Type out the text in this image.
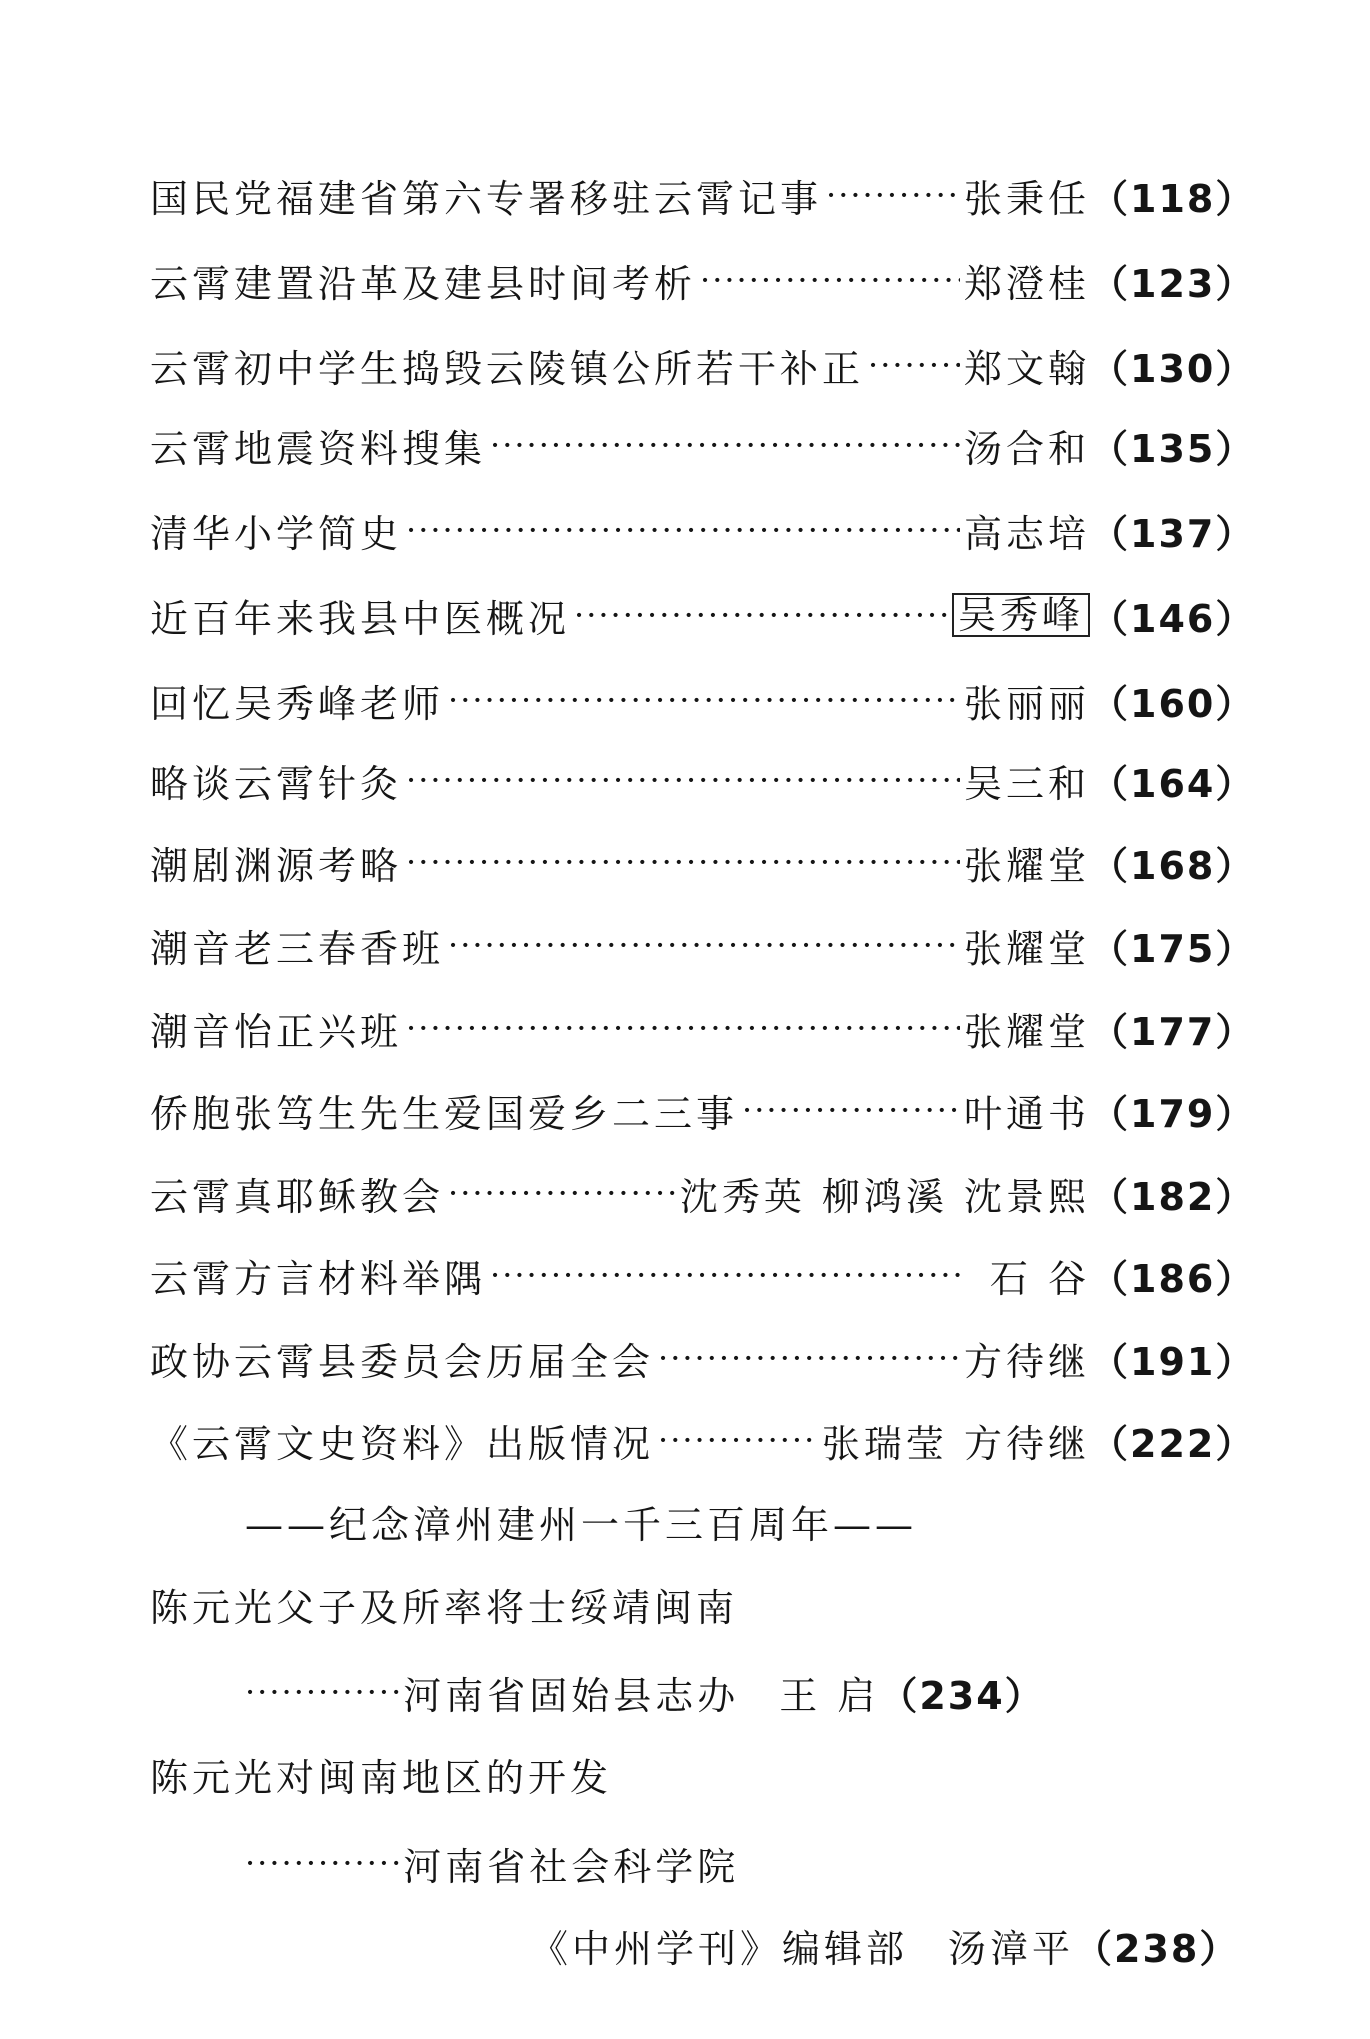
国民党福建省第六专署移驻云霄记事 ·····	张秉任 （118）
云霄建置沿革及建县时间考析 ·····	郑澄桂 （123）
云霄初中学生捣毁云陵镇公所若干补正 ·····	郑文翰 （130）
云霄地震资料搜集 ·····	汤合和 （135）
清华小学简史 ·····	高志培 （137）
近百年来我县中医概况 ·····	吴秀峰 （146）
回忆吴秀峰老师 ·····	张丽丽 （160）
略谈云霄针灸 ·····	吴三和 （164）
潮剧渊源考略 ·····	张耀堂 （168）
潮音老三春香班 ·····	张耀堂 （175）
潮音怡正兴班 ·····	张耀堂 （177）
侨胞张笃生先生爱国爱乡二三事 ·····	叶通书 （179）
云霄真耶稣教会 ·····	沈秀英 柳鸿溪 沈景熙 （182）
云霄方言材料举隅 ·····	石 谷 （186）
政协云霄县委员会历届全会 ·····	方待继 （191）
《云霄文史资料》出版情况 ·····	张瑞莹 方待继 （222）
——纪念漳州建州一千三百周年——
陈元光父子及所率将士绥靖闽南
············· 河南省固始县志办 王 启 （234）
陈元光对闽南地区的开发
············· 河南省社会科学院
《中州学刊》编辑部 汤漳平 （238）
